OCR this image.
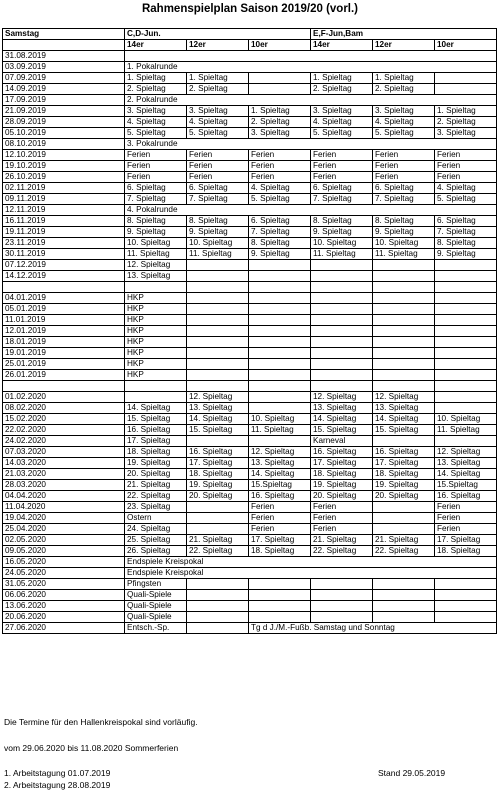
Rahmenspielplan Saison 2019/20 (vorl.)
Samstag	C,D-Jun.			E,F-Jun,Bam		
	14er	12er	10er	14er	12er	10er
31.08.2019						
03.09.2019	1. Pokalrunde					
07.09.2019	1. Spieltag	1. Spieltag		1. Spieltag	1. Spieltag	
14.09.2019	2. Spieltag	2. Spieltag		2. Spieltag	2. Spieltag	
17.09.2019	2. Pokalrunde					
21.09.2019	3. Spieltag	3. Spieltag	1. Spieltag	3. Spieltag	3. Spieltag	1. Spieltag
28.09.2019	4. Spieltag	4. Spieltag	2. Spieltag	4. Spieltag	4. Spieltag	2. Spieltag
05.10.2019	5. Spieltag	5. Spieltag	3. Spieltag	5. Spieltag	5. Spieltag	3. Spieltag
08.10.2019	3. Pokalrunde					
12.10.2019	Ferien	Ferien	Ferien	Ferien	Ferien	Ferien
19.10.2019	Ferien	Ferien	Ferien	Ferien	Ferien	Ferien
26.10.2019	Ferien	Ferien	Ferien	Ferien	Ferien	Ferien
02.11.2019	6. Spieltag	6. Spieltag	4. Spieltag	6. Spieltag	6. Spieltag	4. Spieltag
09.11.2019	7. Spieltag	7. Spieltag	5. Spieltag	7. Spieltag	7. Spieltag	5. Spieltag
12.11.2019	4. Pokalrunde					
16.11.2019	8. Spieltag	8. Spieltag	6. Spieltag	8. Spieltag	8. Spieltag	6. Spieltag
19.11.2019	9. Spieltag	9. Spieltag	7. Spieltag	9. Spieltag	9. Spieltag	7. Spieltag
23.11.2019	10. Spieltag	10. Spieltag	8. Spieltag	10. Spieltag	10. Spieltag	8. Spieltag
30.11.2019	11. Spieltag	11. Spieltag	9. Spieltag	11. Spieltag	11. Spieltag	9. Spieltag
07.12.2019	12. Spieltag					
14.12.2019	13. Spieltag					

04.01.2019	HKP					
05.01.2019	HKP					
11.01.2019	HKP					
12.01.2019	HKP					
18.01.2019	HKP					
19.01.2019	HKP					
25.01.2019	HKP					
26.01.2019	HKP					

01.02.2020		12. Spieltag		12. Spieltag	12. Spieltag	
08.02.2020	14. Spieltag	13. Spieltag		13. Spieltag	13. Spieltag	
15.02.2020	15. Spieltag	14. Spieltag	10. Spieltag	14. Spieltag	14. Spieltag	10. Spieltag
22.02.2020	16. Spieltag	15. Spieltag	11. Spieltag	15. Spieltag	15. Spieltag	11. Spieltag
24.02.2020	17. Spieltag			Karneval		
07.03.2020	18. Spieltag	16. Spieltag	12. Spieltag	16. Spieltag	16. Spieltag	12. Spieltag
14.03.2020	19. Spieltag	17. Spieltag	13. Spieltag	17. Spieltag	17. Spieltag	13. Spieltag
21.03.2020	20. Spieltag	18. Spieltag	14. Spieltag	18. Spieltag	18. Spieltag	14. Spieltag
28.03.2020	21. Spieltag	19. Spieltag	15.Spieltag	19. Spieltag	19. Spieltag	15.Spieltag
04.04.2020	22. Spieltag	20. Spieltag	16. Spieltag	20. Spieltag	20. Spieltag	16. Spieltag
11.04.2020	23. Spieltag		Ferien	Ferien		Ferien
19.04.2020	Ostern		Ferien	Ferien		Ferien
25.04.2020	24. Spieltag		Ferien	Ferien		Ferien
02.05.2020	25. Spieltag	21. Spieltag	17. Spieltag	21. Spieltag	21. Spieltag	17. Spieltag
09.05.2020	26. Spieltag	22. Spieltag	18. Spieltag	22. Spieltag	22. Spieltag	18. Spieltag
16.05.2020	Endspiele Kreispokal					
24.05.2020	Endspiele Kreispokal					
31.05.2020	Pfingsten					
06.06.2020	Quali-Spiele					
13.06.2020	Quali-Spiele					
20.06.2020	Quali-Spiele					
27.06.2020	Entsch.-Sp.		Tg d J./M.-Fußb. Samstag und Sonntag			
Die Termine für den Hallenkreispokal sind vorläufig.
vom 29.06.2020 bis 11.08.2020 Sommerferien
1. Arbeitstagung 01.07.2019	Stand 29.05.2019
2. Arbeitstagung 28.08.2019
